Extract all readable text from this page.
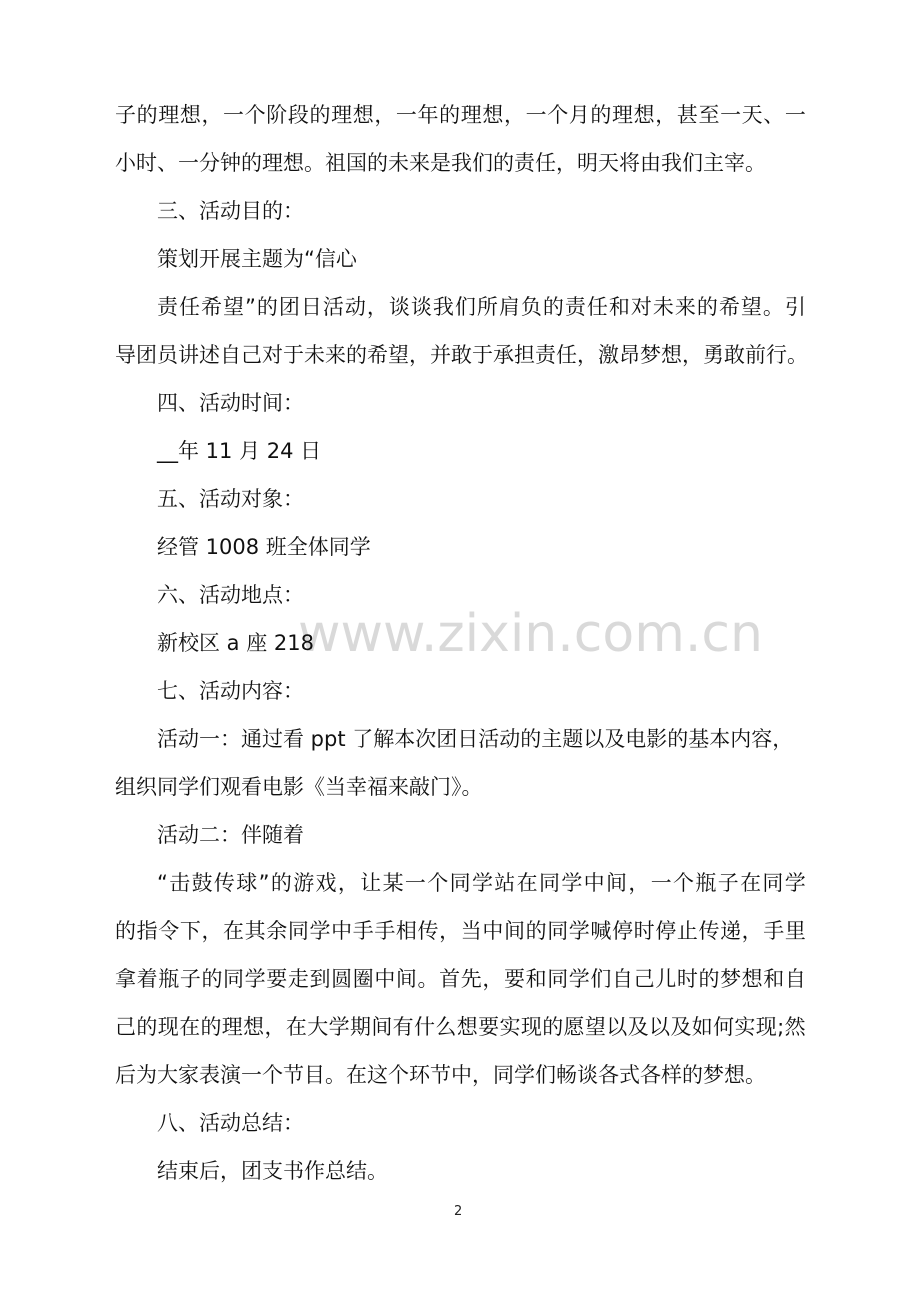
www.zixin.com.cn
子 的 理 想 ， 一 个 阶 段 的 理 想 ， 一 年 的 理 想 ， 一 个 月 的 理 想 ， 甚 至 一 天 、 一
小时、一分钟的理想。祖国的未来是我们的责任，明天将由我们主宰。
三、活动目的：
策划开展主题为“信心
责 任 希 望 ” 的 团 日 活 动 ， 谈 谈 我 们 所 肩 负 的 责 任 和 对 未 来 的 希 望 。 引
导团员讲述自己对于未来的希望，并敢于承担责任，激昂梦想，勇敢前行。
四、活动时间：
__年 11 月 24 日
五、活动对象：
经管 1008 班全体同学
六、活动地点：
新校区 a 座 218
七、活动内容：
活动一：通过看 ppt 了解本次团日活动的主题以及电影的基本内容，
组织同学们观看电影《当幸福来敲门》。
活动二：伴随着
“ 击 鼓 传 球 ” 的 游 戏 ， 让 某 一 个 同 学 站 在 同 学 中 间 ， 一 个 瓶 子 在 同 学
的 指 令 下 ， 在 其 余 同 学 中 手 手 相 传 ， 当 中 间 的 同 学 喊 停 时 停 止 传 递 ， 手 里
拿 着 瓶 子 的 同 学 要 走 到 圆 圈 中 间 。 首 先 ， 要 和 同 学 们 自 己 儿 时 的 梦 想 和 自
己 的 现 在 的 理 想 ， 在 大 学 期 间 有 什 么 想 要 实 现 的 愿 望 以 及 以 及 如 何 实 现 ; 然
后为大家表演一个节目。在这个环节中，同学们畅谈各式各样的梦想。
八、活动总结：
结束后，团支书作总结。
2
